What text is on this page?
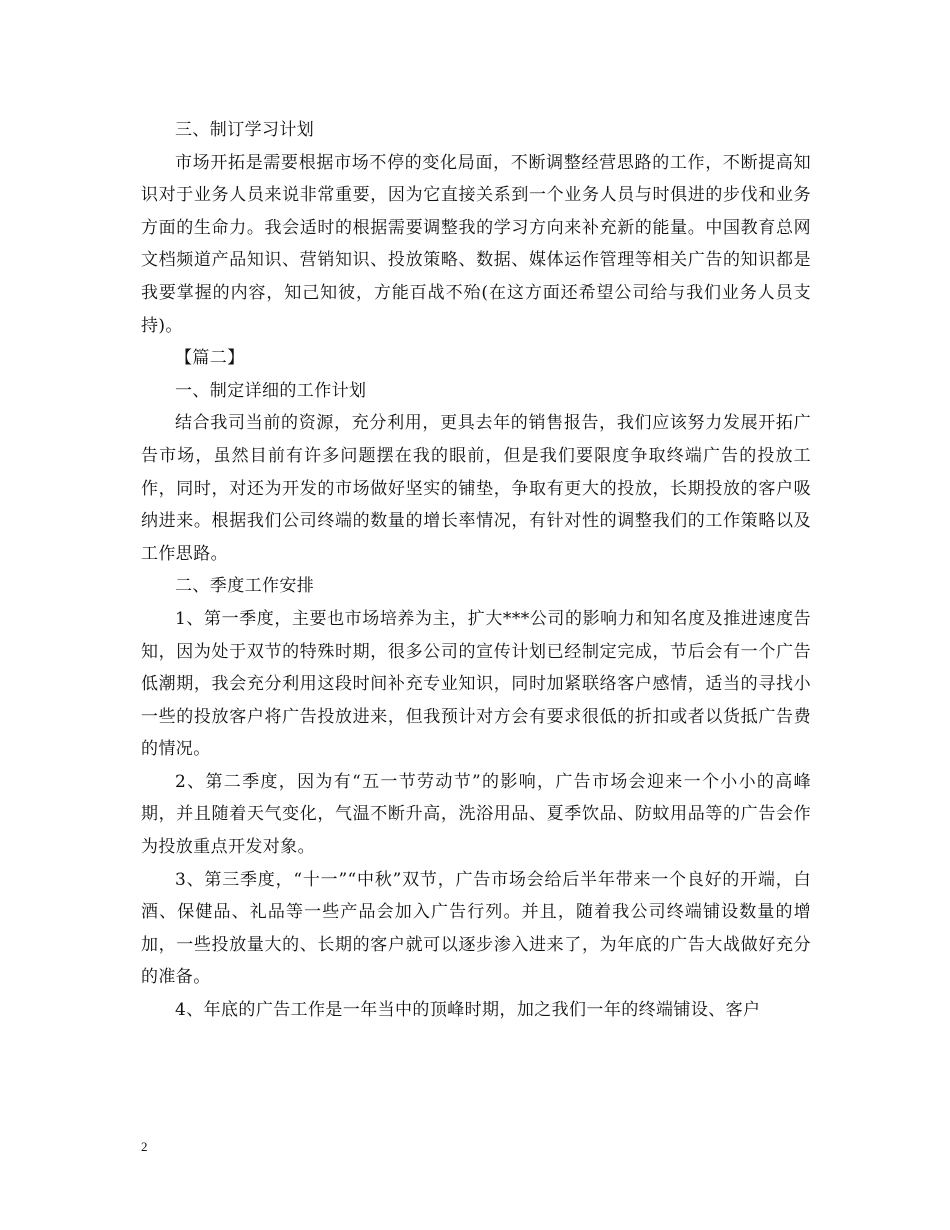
三、制订学习计划

市场开拓是需要根据市场不停的变化局面，不断调整经营思路的工作，不断提高知识对于业务人员来说非常重要，因为它直接关系到一个业务人员与时俱进的步伐和业务方面的生命力。我会适时的根据需要调整我的学习方向来补充新的能量。中国教育总网文档频道产品知识、营销知识、投放策略、数据、媒体运作管理等相关广告的知识都是我要掌握的内容，知己知彼，方能百战不殆(在这方面还希望公司给与我们业务人员支持)。

【篇二】

一、制定详细的工作计划

结合我司当前的资源，充分利用，更具去年的销售报告，我们应该努力发展开拓广告市场，虽然目前有许多问题摆在我的眼前，但是我们要限度争取终端广告的投放工作，同时，对还为开发的市场做好坚实的铺垫，争取有更大的投放，长期投放的客户吸纳进来。根据我们公司终端的数量的增长率情况，有针对性的调整我们的工作策略以及工作思路。

二、季度工作安排

1、第一季度，主要也市场培养为主，扩大***公司的影响力和知名度及推进速度告知，因为处于双节的特殊时期，很多公司的宣传计划已经制定完成，节后会有一个广告低潮期，我会充分利用这段时间补充专业知识，同时加紧联络客户感情，适当的寻找小一些的投放客户将广告投放进来，但我预计对方会有要求很低的折扣或者以货抵广告费的情况。

2、第二季度，因为有“五一节劳动节”的影响，广告市场会迎来一个小小的高峰期，并且随着天气变化，气温不断升高，洗浴用品、夏季饮品、防蚊用品等的广告会作为投放重点开发对象。

3、第三季度，“十一”“中秋”双节，广告市场会给后半年带来一个良好的开端，白酒、保健品、礼品等一些产品会加入广告行列。并且，随着我公司终端铺设数量的增加，一些投放量大的、长期的客户就可以逐步渗入进来了，为年底的广告大战做好充分的准备。

4、年底的广告工作是一年当中的顶峰时期，加之我们一年的终端铺设、客户

2
